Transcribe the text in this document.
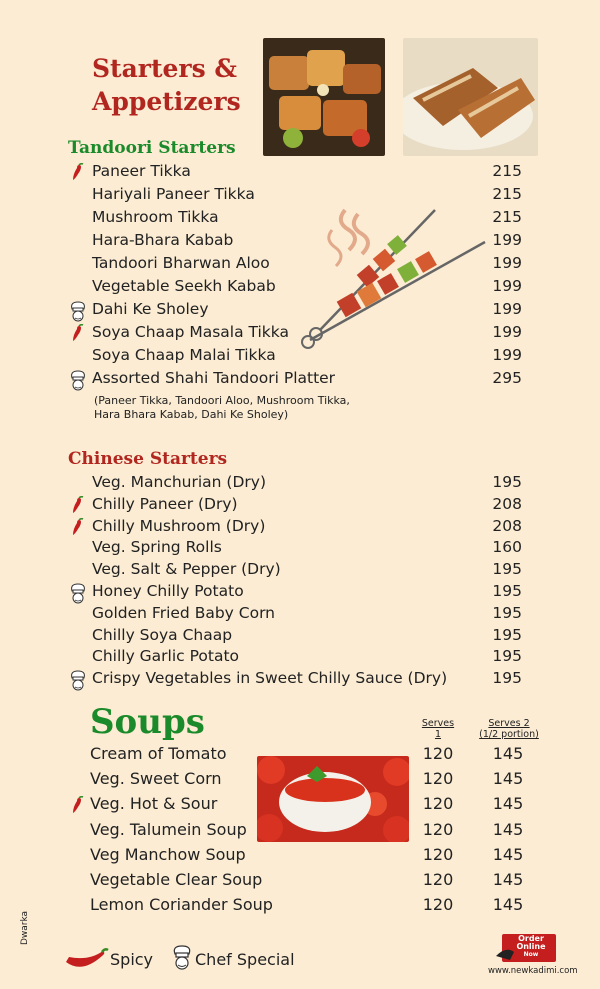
Starters &
Appetizers
Tandoori Starters
Paneer Tikka	215
Hariyali Paneer Tikka	215
Mushroom Tikka	215
Hara-Bhara Kabab	199
Tandoori Bharwan Aloo	199
Vegetable Seekh Kabab	199
Dahi Ke Sholey	199
Soya Chaap Masala Tikka	199
Soya Chaap Malai Tikka	199
Assorted Shahi Tandoori Platter	295
(Paneer Tikka, Tandoori Aloo, Mushroom Tikka,
Hara Bhara Kabab, Dahi Ke Sholey)
Chinese Starters
Veg. Manchurian (Dry)	195
Chilly Paneer (Dry)	208
Chilly Mushroom (Dry)	208
Veg. Spring Rolls	160
Veg. Salt & Pepper (Dry)	195
Honey Chilly Potato	195
Golden Fried Baby Corn	195
Chilly Soya Chaap	195
Chilly Garlic Potato	195
Crispy Vegetables in Sweet Chilly Sauce (Dry)	195
Soups	Serves 1
Serves 2
(1/2 portion)
Cream of Tomato	120 145
Veg. Sweet Corn	120 145
Veg. Hot & Sour	120 145
Veg. Talumein Soup	120 145
Veg Manchow Soup	120 145
Vegetable Clear Soup	120 145
Lemon Coriander Soup	120 145
Spicy	Chef Special
Dwarka	Order
Online
Now
www.newkadimi.com
